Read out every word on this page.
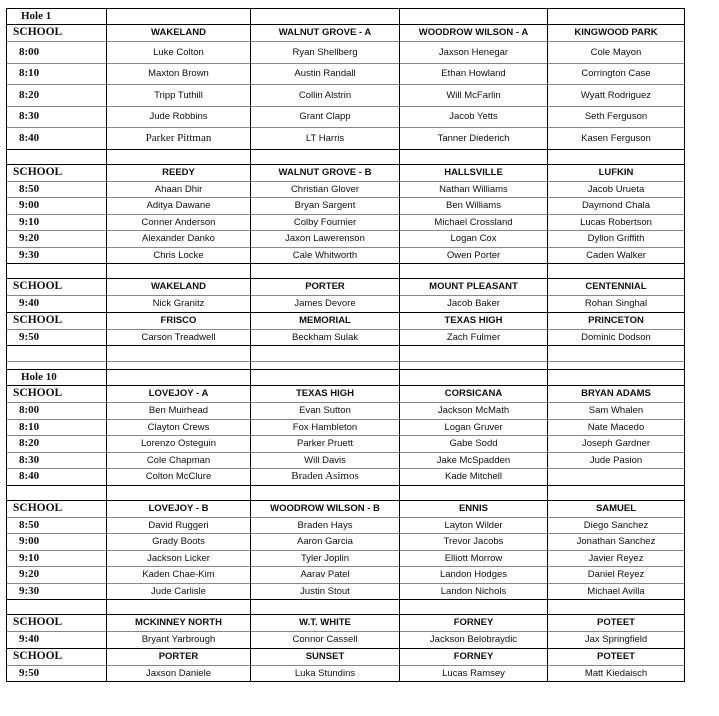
Hole 1				
SCHOOL	WAKELAND	WALNUT GROVE - A	WOODROW WILSON - A	KINGWOOD PARK
8:00	Luke Colton	Ryan Shellberg	Jaxson Henegar	Cole Mayon
8:10	Maxton Brown	Austin Randall	Ethan Howland	Corrington Case
8:20	Tripp Tuthill	Collin Alstrin	Will McFarlin	Wyatt Rodriguez
8:30	Jude Robbins	Grant Clapp	Jacob Yetts	Seth Ferguson
8:40	Parker Pittman	LT Harris	Tanner Diederich	Kasen Ferguson

SCHOOL	REEDY	WALNUT GROVE - B	HALLSVILLE	LUFKIN
8:50	Ahaan Dhir	Christian Glover	Nathan Williams	Jacob Urueta
9:00	Aditya Dawane	Bryan Sargent	Ben Williams	Daymond Chala
9:10	Conner Anderson	Colby Fournier	Michael Crossland	Lucas Robertson
9:20	Alexander Danko	Jaxon Lawerenson	Logan Cox	Dyllon Griffith
9:30	Chris Locke	Cale Whitworth	Owen Porter	Caden Walker

SCHOOL	WAKELAND	PORTER	MOUNT PLEASANT	CENTENNIAL
9:40	Nick Granitz	James Devore	Jacob Baker	Rohan Singhal
SCHOOL	FRISCO	MEMORIAL	TEXAS HIGH	PRINCETON
9:50	Carson Treadwell	Beckham Sulak	Zach Fulmer	Dominic Dodson

Hole 10				
SCHOOL	LOVEJOY - A	TEXAS HIGH	CORSICANA	BRYAN ADAMS
8:00	Ben Muirhead	Evan Sutton	Jackson McMath	Sam Whalen
8:10	Clayton Crews	Fox Hambleton	Logan Gruver	Nate Macedo
8:20	Lorenzo Osteguin	Parker Pruett	Gabe Sodd	Joseph Gardner
8:30	Cole Chapman	Will Davis	Jake McSpadden	Jude Pasion
8:40	Colton McClure	Braden Asimos	Kade Mitchell	

SCHOOL	LOVEJOY - B	WOODROW WILSON - B	ENNIS	SAMUEL
8:50	David Ruggeri	Braden Hays	Layton Wilder	Diego Sanchez
9:00	Grady Boots	Aaron Garcia	Trevor Jacobs	Jonathan Sanchez
9:10	Jackson Licker	Tyler Joplin	Elliott Morrow	Javier Reyez
9:20	Kaden Chae-Kim	Aarav Patel	Landon Hodges	Daniel Reyez
9:30	Jude Carlisle	Justin Stout	Landon Nichols	Michael Avilla

SCHOOL	MCKINNEY NORTH	W.T. WHITE	FORNEY	POTEET
9:40	Bryant Yarbrough	Connor Cassell	Jackson Belobraydic	Jax Springfield
SCHOOL	PORTER	SUNSET	FORNEY	POTEET
9:50	Jaxson Daniele	Luka Stundins	Lucas Ramsey	Matt Kiedaisch
